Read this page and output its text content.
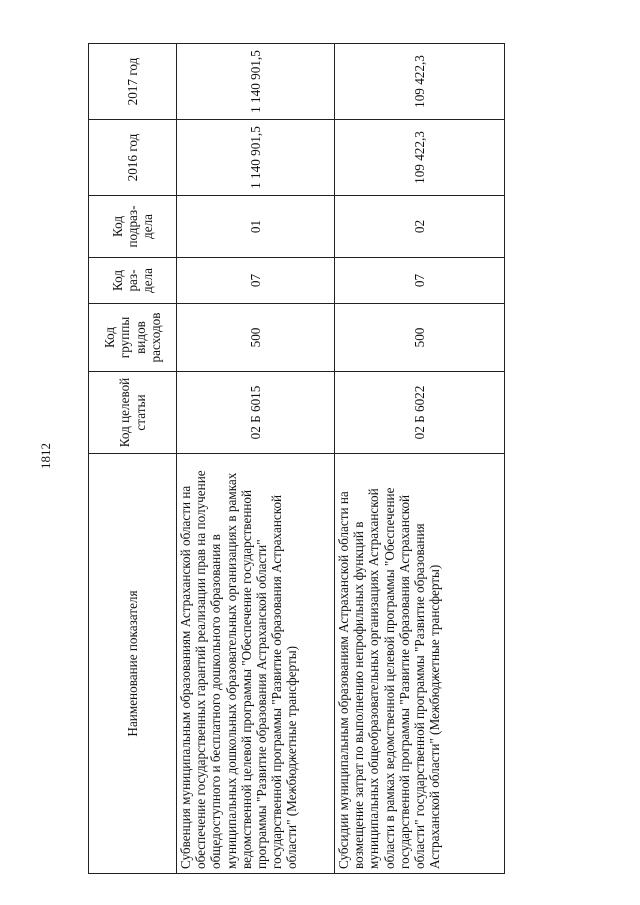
1812
Наименование показателя	Код целевой статьи	Код группы видов расходов	Код раз-дела	Код подраз-дела	2016 год	2017 год
Субвенция муниципальным образованиям Астраханской области на обеспечение государственных гарантий реализации прав на получение общедоступного и бесплатного дошкольного образования в муниципальных дошкольных образовательных организациях в рамках ведомственной целевой программы "Обеспечение государственной программы "Развитие образования Астраханской области" государственной программы "Развитие образования Астраханской области" (Межбюджетные трансферты)	02 Б 6015	500	07	01	1 140 901,5	1 140 901,5
Субсидии муниципальным образованиям Астраханской области на возмещение затрат по выполнению непрофильных функций в муниципальных общеобразовательных организациях Астраханской области в рамках ведомственной целевой программы "Обеспечение государственной программы "Развитие образования Астраханской области" государственной программы "Развитие образования Астраханской области" (Межбюджетные трансферты)	02 Б 6022	500	07	02	109 422,3	109 422,3
